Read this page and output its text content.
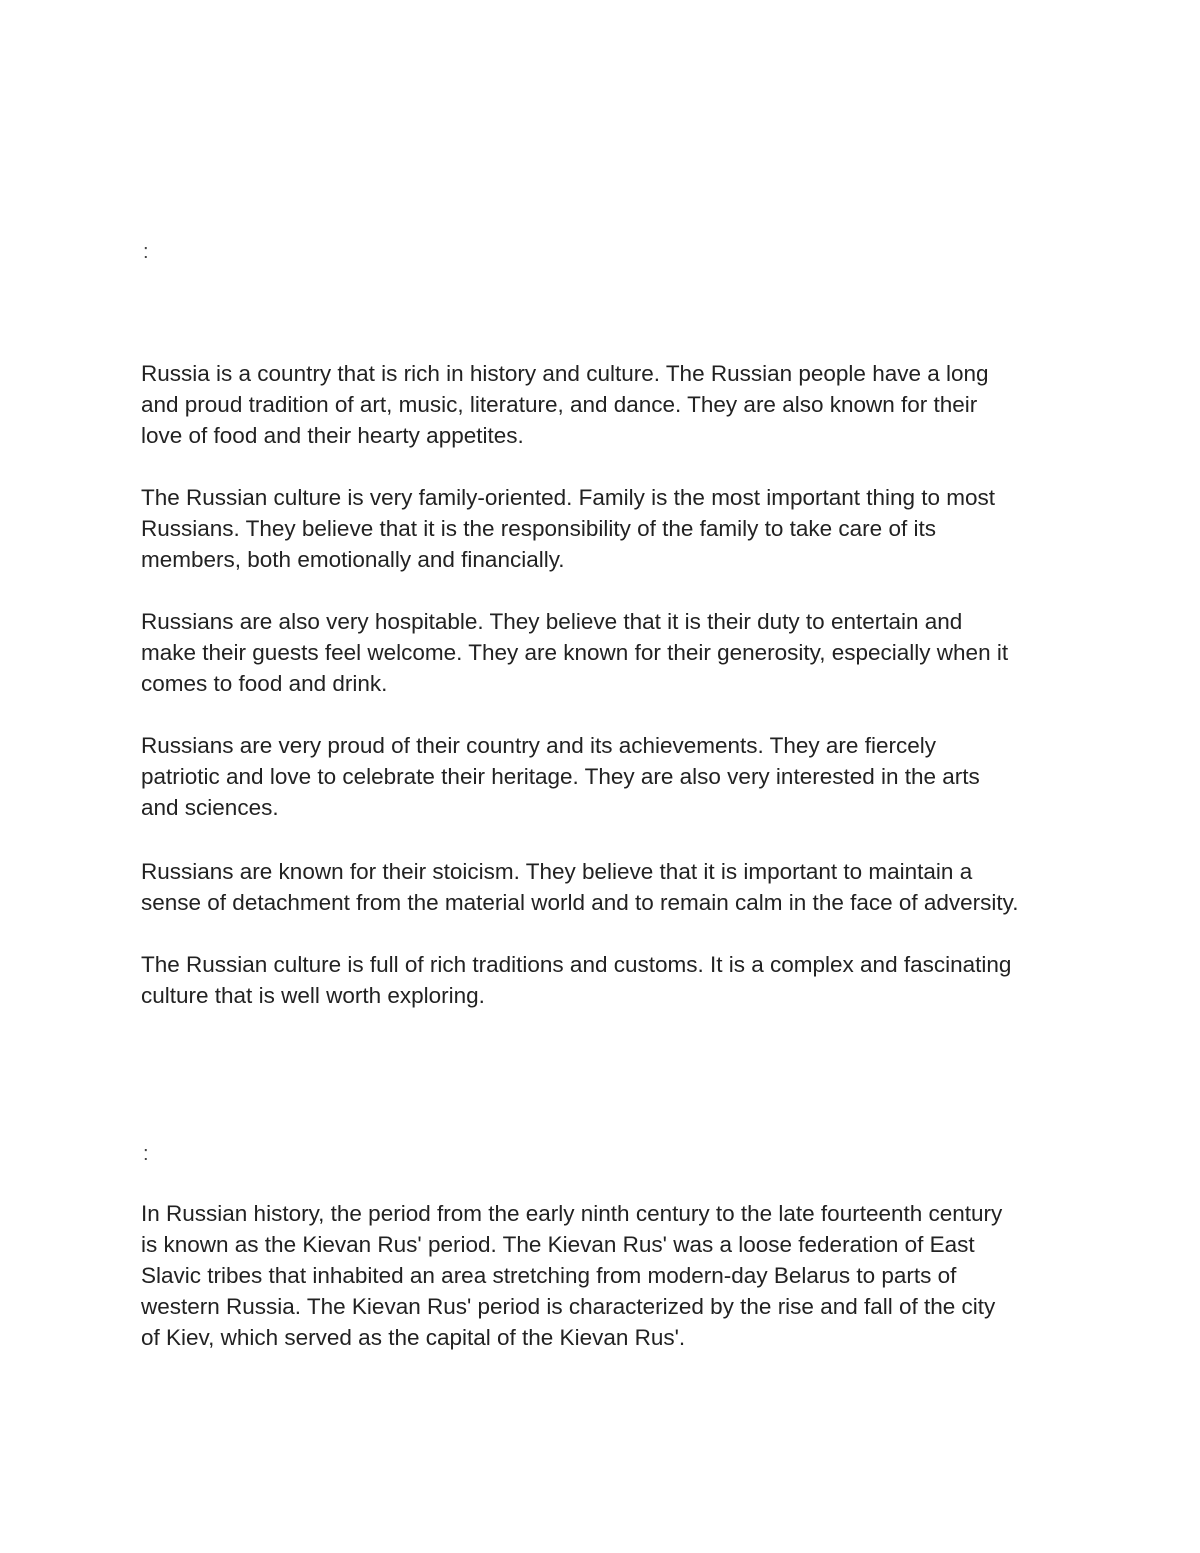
:
Russia is a country that is rich in history and culture. The Russian people have a long
and proud tradition of art, music, literature, and dance. They are also known for their
love of food and their hearty appetites.
The Russian culture is very family-oriented. Family is the most important thing to most
Russians. They believe that it is the responsibility of the family to take care of its
members, both emotionally and financially.
Russians are also very hospitable. They believe that it is their duty to entertain and
make their guests feel welcome. They are known for their generosity, especially when it
comes to food and drink.
Russians are very proud of their country and its achievements. They are fiercely
patriotic and love to celebrate their heritage. They are also very interested in the arts
and sciences.
Russians are known for their stoicism. They believe that it is important to maintain a
sense of detachment from the material world and to remain calm in the face of adversity.
The Russian culture is full of rich traditions and customs. It is a complex and fascinating
culture that is well worth exploring.
:
In Russian history, the period from the early ninth century to the late fourteenth century
is known as the Kievan Rus' period. The Kievan Rus' was a loose federation of East
Slavic tribes that inhabited an area stretching from modern-day Belarus to parts of
western Russia. The Kievan Rus' period is characterized by the rise and fall of the city
of Kiev, which served as the capital of the Kievan Rus'.
